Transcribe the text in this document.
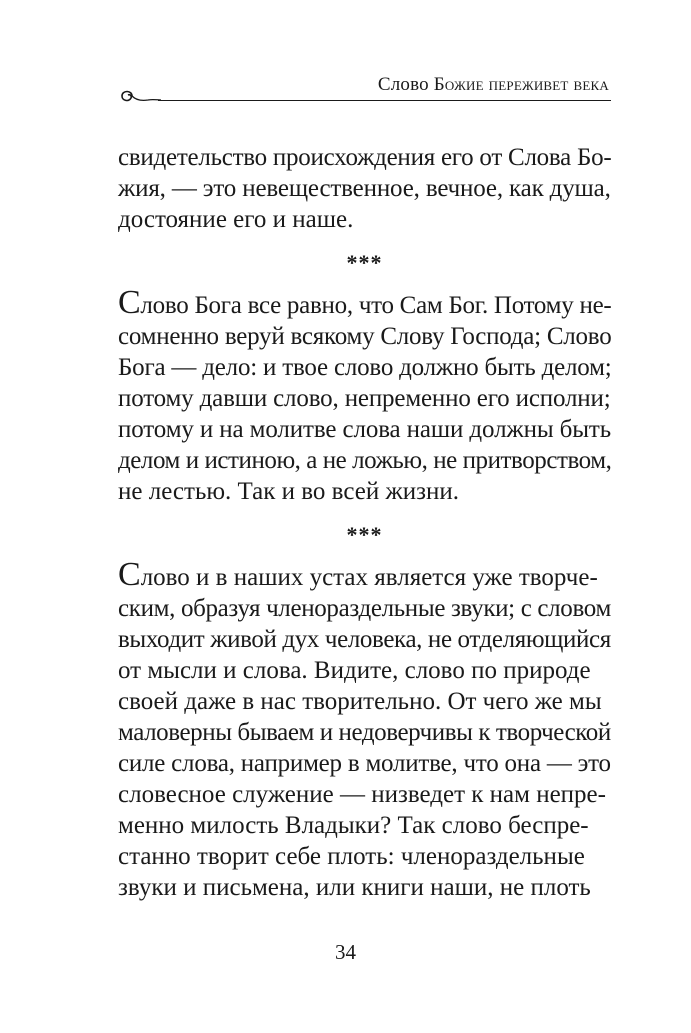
Слово Божие переживет века
свидетельство происхождения его от Слова Бо-
жия, — это невещественное, вечное, как душа,
достояние его и наше.
***
Слово Бога все равно, что Сам Бог. Потому не-
сомненно веруй всякому Слову Господа; Слово
Бога — дело: и твое слово должно быть делом;
потому давши слово, непременно его исполни;
потому и на молитве слова наши должны быть
делом и истиною, а не ложью, не притворством,
не лестью. Так и во всей жизни.
***
Слово и в наших устах является уже творче-
ским, образуя членораздельные звуки; с словом
выходит живой дух человека, не отделяющийся
от мысли и слова. Видите, слово по природе
своей даже в нас творительно. От чего же мы
маловерны бываем и недоверчивы к творческой
силе слова, например в молитве, что она — это
словесное служение — низведет к нам непре-
менно милость Владыки? Так слово беспре-
станно творит себе плоть: членораздельные
звуки и письмена, или книги наши, не плоть
34
